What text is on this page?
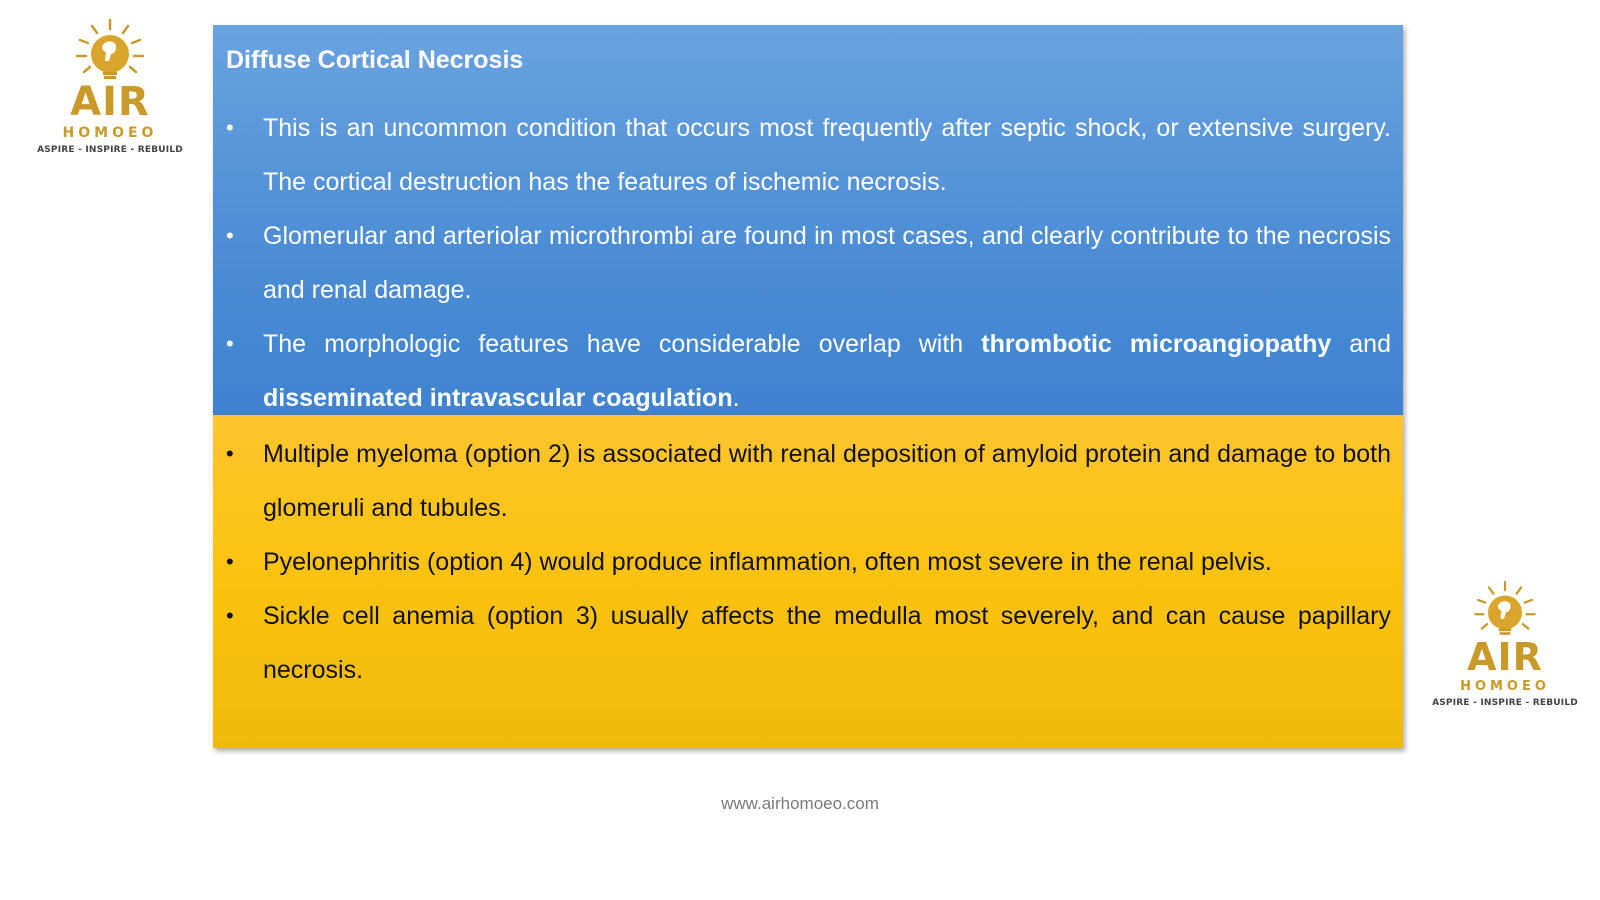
AIR
HOMOEO
ASPIRE - INSPIRE - REBUILD
Diffuse Cortical Necrosis
• This is an uncommon condition that occurs most frequently after septic shock, or extensive surgery. The cortical destruction has the features of ischemic necrosis.
• Glomerular and arteriolar microthrombi are found in most cases, and clearly contribute to the necrosis and renal damage.
• The morphologic features have considerable overlap with thrombotic microangiopathy and disseminated intravascular coagulation.
• Multiple myeloma (option 2) is associated with renal deposition of amyloid protein and damage to both glomeruli and tubules.
• Pyelonephritis (option 4) would produce inflammation, often most severe in the renal pelvis.
• Sickle cell anemia (option 3) usually affects the medulla most severely, and can cause papillary necrosis.	AIR
HOMOEO
ASPIRE - INSPIRE - REBUILD
www.airhomoeo.com
